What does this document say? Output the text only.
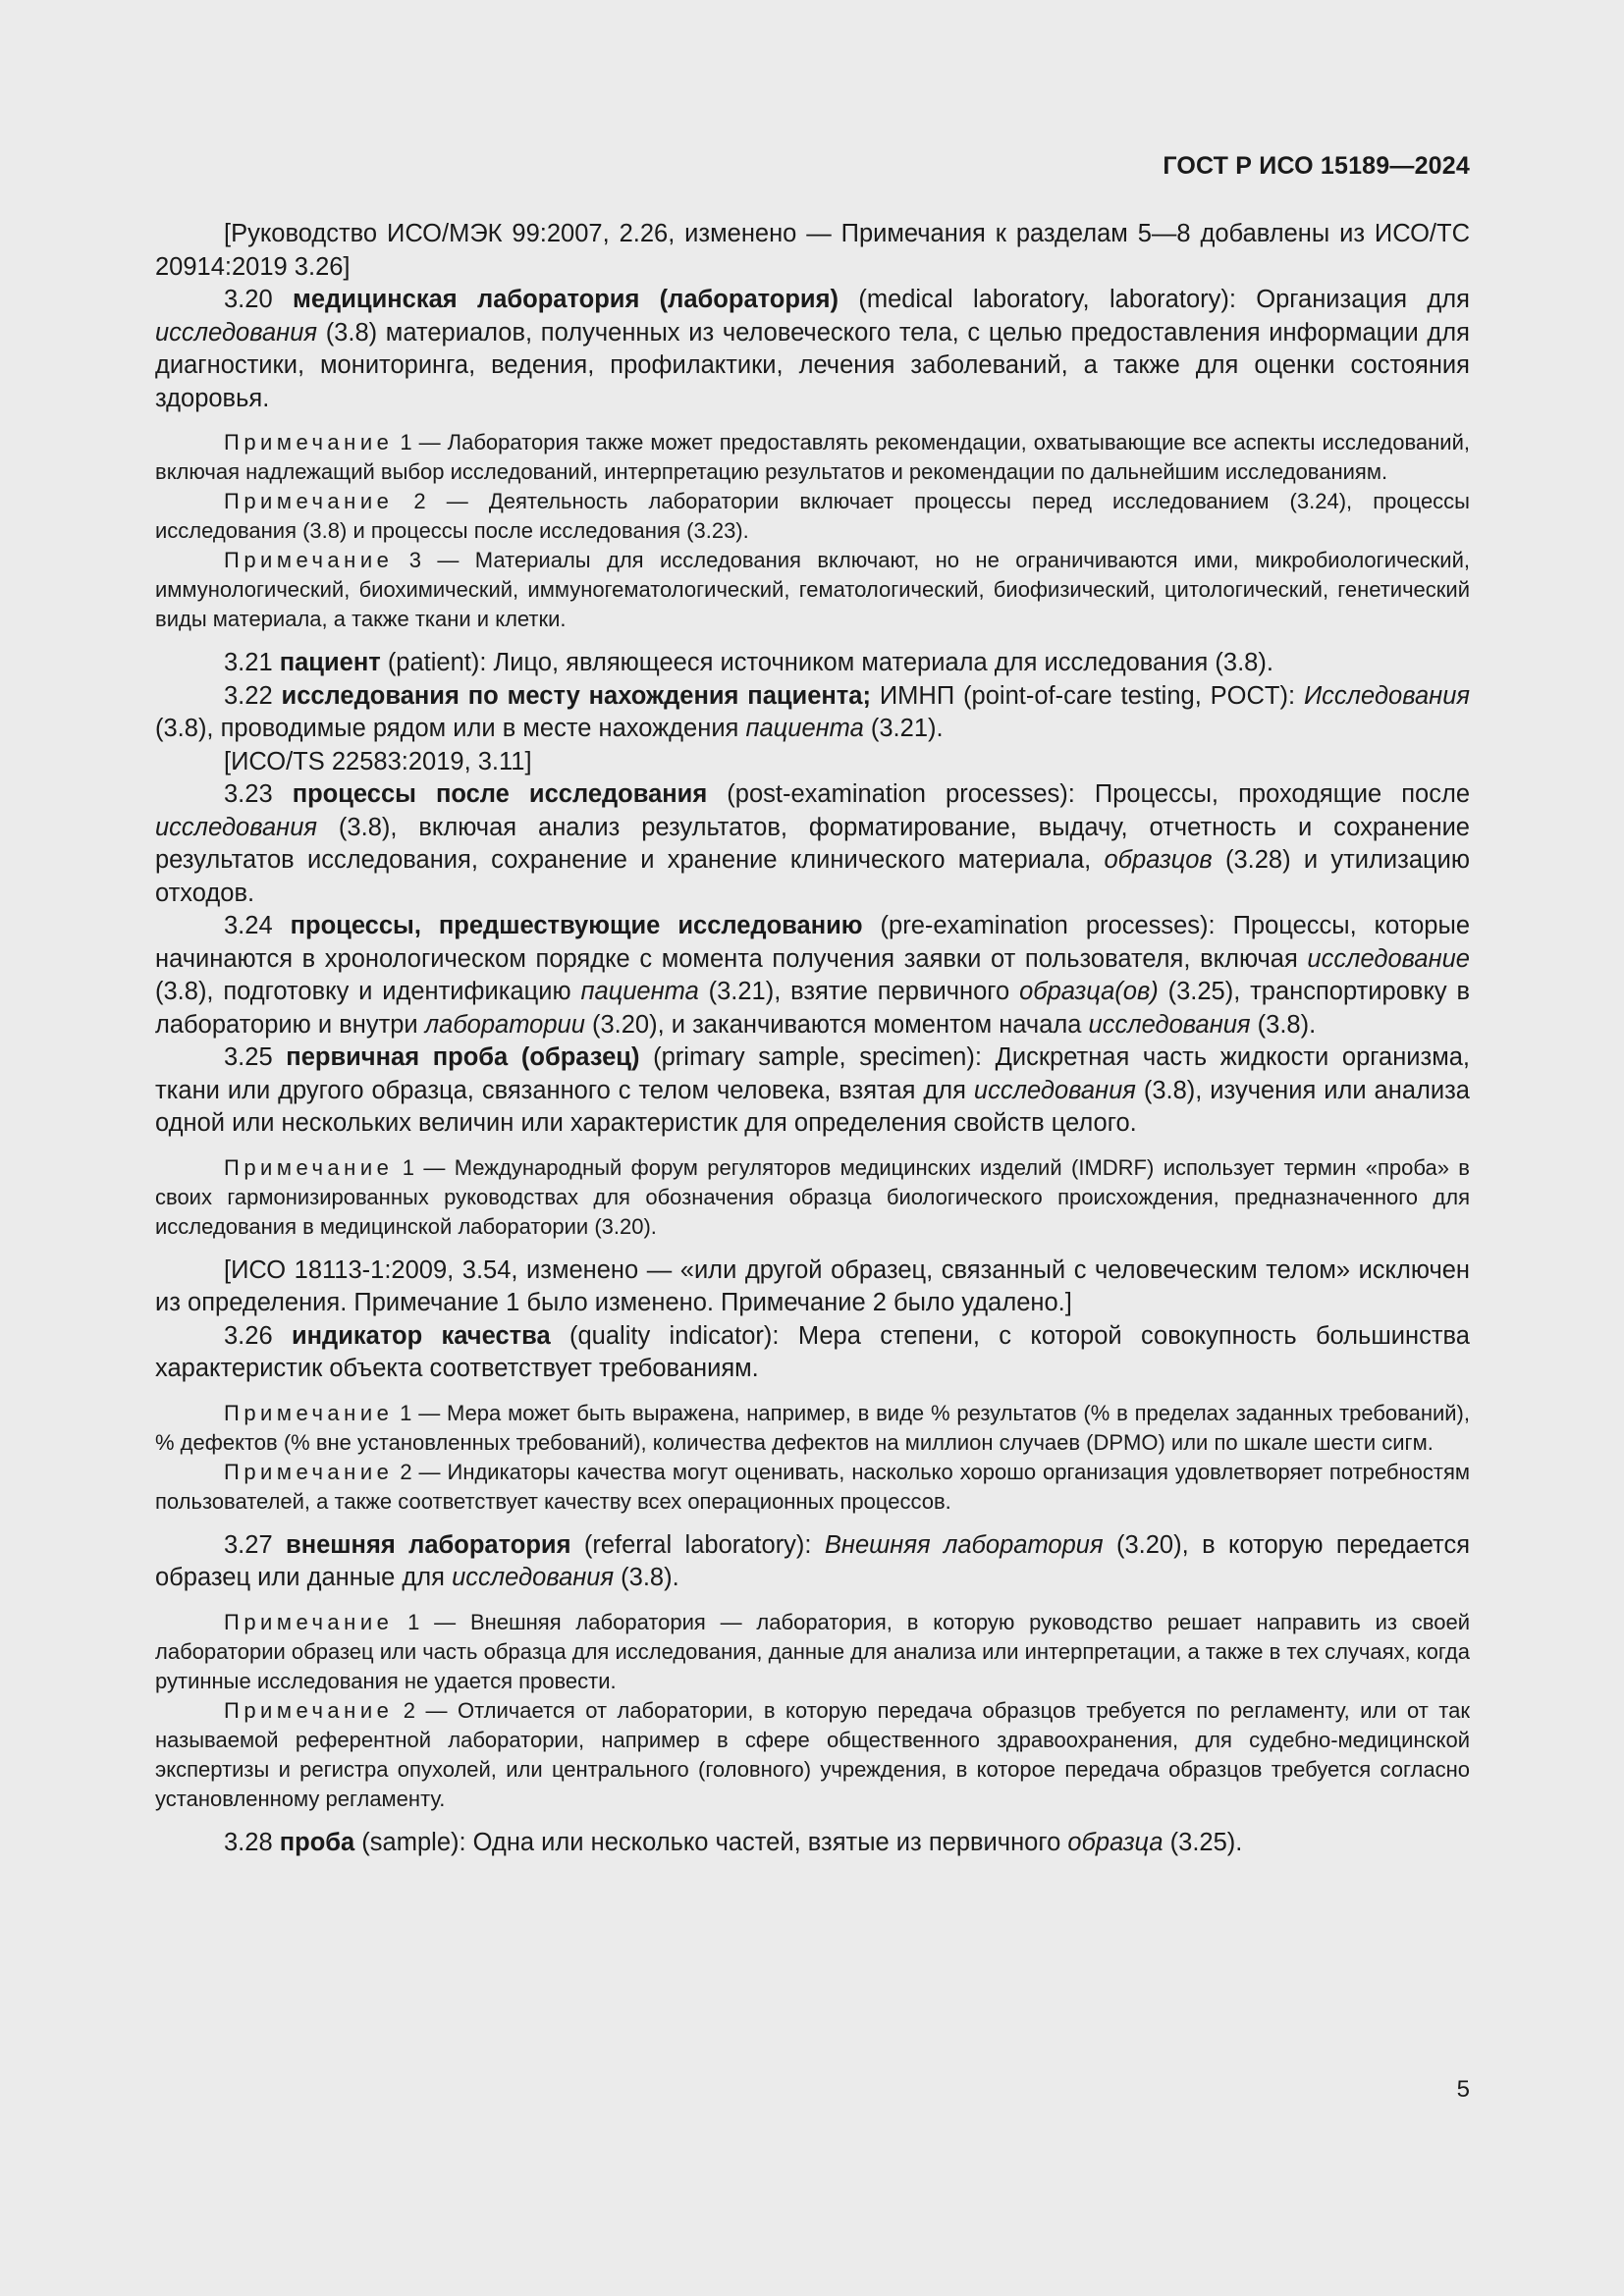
ГОСТ Р ИСО 15189—2024

[Руководство ИСО/МЭК 99:2007, 2.26, изменено — Примечания к разделам 5—8 добавлены из ИСО/ТС 20914:2019 3.26]

3.20 медицинская лаборатория (лаборатория) (medical laboratory, laboratory): Организация для исследования (3.8) материалов, полученных из человеческого тела, с целью предоставления информации для диагностики, мониторинга, ведения, профилактики, лечения заболеваний, а также для оценки состояния здоровья.

Примечание 1 — Лаборатория также может предоставлять рекомендации, охватывающие все аспекты исследований, включая надлежащий выбор исследований, интерпретацию результатов и рекомендации по дальнейшим исследованиям.

Примечание 2 — Деятельность лаборатории включает процессы перед исследованием (3.24), процессы исследования (3.8) и процессы после исследования (3.23).

Примечание 3 — Материалы для исследования включают, но не ограничиваются ими, микробиологический, иммунологический, биохимический, иммуногематологический, гематологический, биофизический, цитологический, генетический виды материала, а также ткани и клетки.

3.21 пациент (patient): Лицо, являющееся источником материала для исследования (3.8).

3.22 исследования по месту нахождения пациента; ИМНП (point-of-care testing, POCT): Исследования (3.8), проводимые рядом или в месте нахождения пациента (3.21).

[ИСО/TS 22583:2019, 3.11]

3.23 процессы после исследования (post-examination processes): Процессы, проходящие после исследования (3.8), включая анализ результатов, форматирование, выдачу, отчетность и сохранение результатов исследования, сохранение и хранение клинического материала, образцов (3.28) и утилизацию отходов.

3.24 процессы, предшествующие исследованию (pre-examination processes): Процессы, которые начинаются в хронологическом порядке с момента получения заявки от пользователя, включая исследование (3.8), подготовку и идентификацию пациента (3.21), взятие первичного образца(ов) (3.25), транспортировку в лабораторию и внутри лаборатории (3.20), и заканчиваются моментом начала исследования (3.8).

3.25 первичная проба (образец) (primary sample, specimen): Дискретная часть жидкости организма, ткани или другого образца, связанного с телом человека, взятая для исследования (3.8), изучения или анализа одной или нескольких величин или характеристик для определения свойств целого.

Примечание 1 — Международный форум регуляторов медицинских изделий (IMDRF) использует термин «проба» в своих гармонизированных руководствах для обозначения образца биологического происхождения, предназначенного для исследования в медицинской лаборатории (3.20).

[ИСО 18113-1:2009, 3.54, изменено — «или другой образец, связанный с человеческим телом» исключен из определения. Примечание 1 было изменено. Примечание 2 было удалено.]

3.26 индикатор качества (quality indicator): Мера степени, с которой совокупность большинства характеристик объекта соответствует требованиям.

Примечание 1 — Мера может быть выражена, например, в виде % результатов (% в пределах заданных требований), % дефектов (% вне установленных требований), количества дефектов на миллион случаев (DPMO) или по шкале шести сигм.

Примечание 2 — Индикаторы качества могут оценивать, насколько хорошо организация удовлетворяет потребностям пользователей, а также соответствует качеству всех операционных процессов.

3.27 внешняя лаборатория (referral laboratory): Внешняя лаборатория (3.20), в которую передается образец или данные для исследования (3.8).

Примечание 1 — Внешняя лаборатория — лаборатория, в которую руководство решает направить из своей лаборатории образец или часть образца для исследования, данные для анализа или интерпретации, а также в тех случаях, когда рутинные исследования не удается провести.

Примечание 2 — Отличается от лаборатории, в которую передача образцов требуется по регламенту, или от так называемой референтной лаборатории, например в сфере общественного здравоохранения, для судебно-медицинской экспертизы и регистра опухолей, или центрального (головного) учреждения, в которое передача образцов требуется согласно установленному регламенту.

3.28 проба (sample): Одна или несколько частей, взятые из первичного образца (3.25).

5
